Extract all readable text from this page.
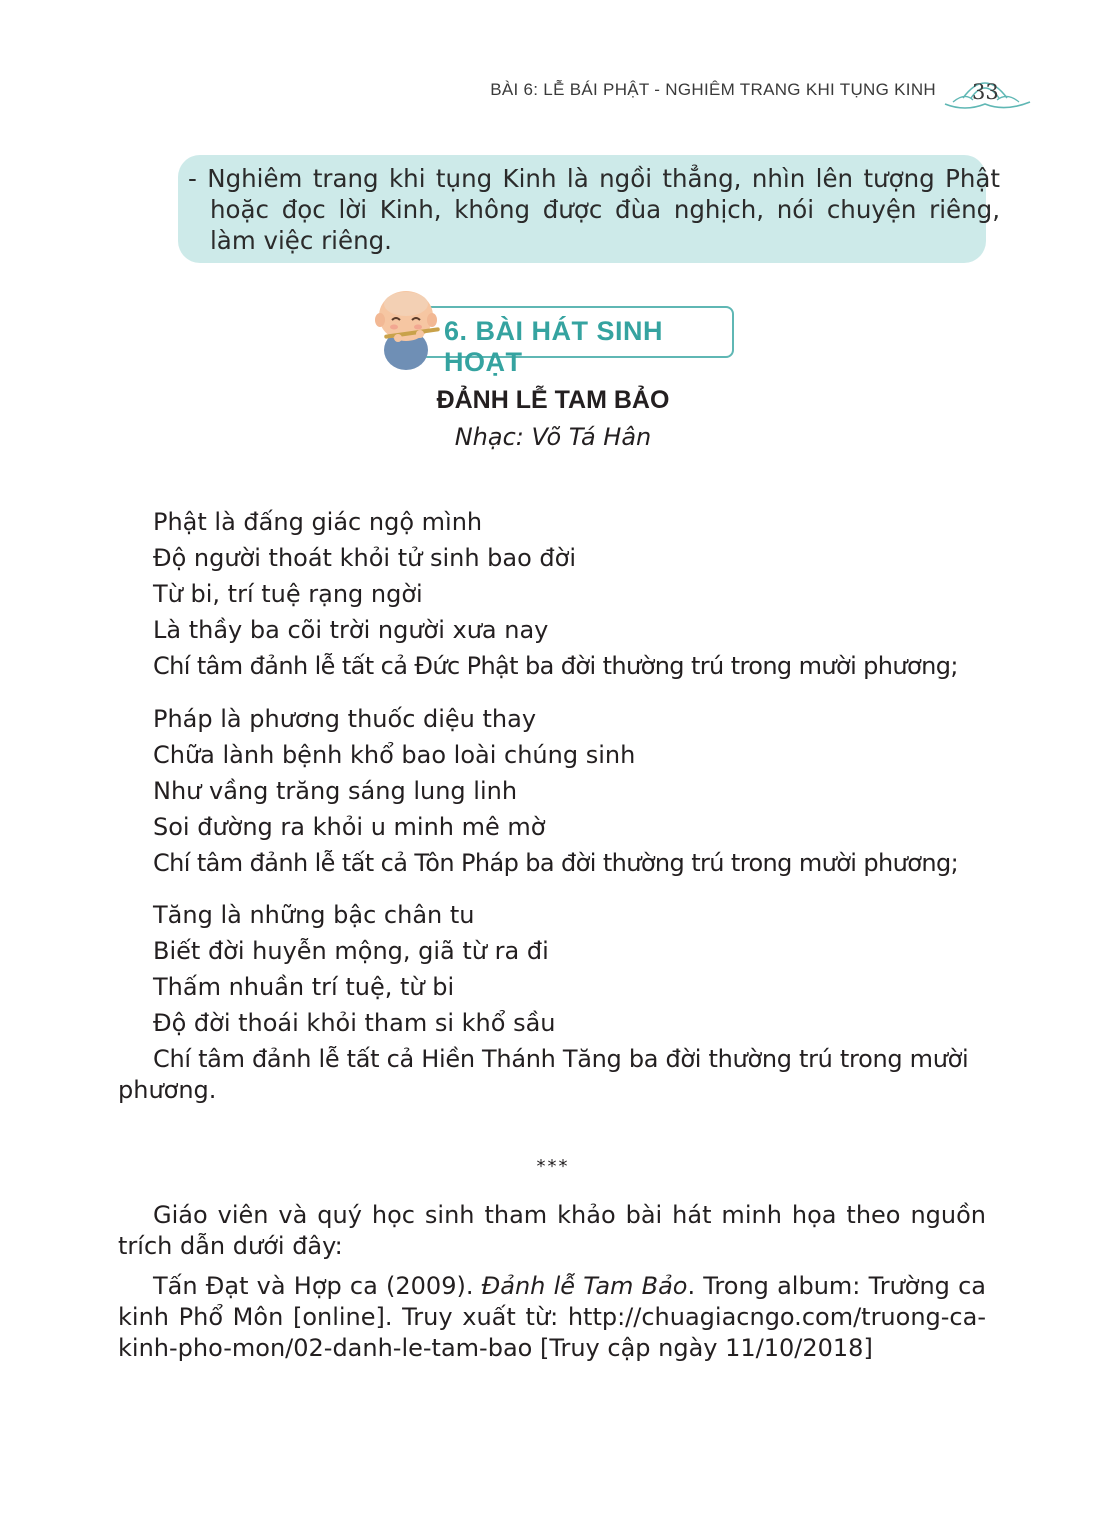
BÀI 6: LỄ BÁI PHẬT - NGHIÊM TRANG KHI TỤNG KINH 33
- Nghiêm trang khi tụng Kinh là ngồi thẳng, nhìn lên tượng Phật hoặc đọc lời Kinh, không được đùa nghịch, nói chuyện riêng, làm việc riêng.
6. BÀI HÁT SINH HOẠT
ĐẢNH LỄ TAM BẢO
Nhạc: Võ Tá Hân
Phật là đấng giác ngộ mình
Độ người thoát khỏi tử sinh bao đời
Từ bi, trí tuệ rạng ngời
Là thầy ba cõi trời người xưa nay
Chí tâm đảnh lễ tất cả Đức Phật ba đời thường trú trong mười phương;
Pháp là phương thuốc diệu thay
Chữa lành bệnh khổ bao loài chúng sinh
Như vầng trăng sáng lung linh
Soi đường ra khỏi u minh mê mờ
Chí tâm đảnh lễ tất cả Tôn Pháp ba đời thường trú trong mười phương;
Tăng là những bậc chân tu
Biết đời huyễn mộng, giã từ ra đi
Thấm nhuần trí tuệ, từ bi
Độ đời thoái khỏi tham si khổ sầu
Chí tâm đảnh lễ tất cả Hiền Thánh Tăng ba đời thường trú trong mười
phương.
***
Giáo viên và quý học sinh tham khảo bài hát minh họa theo nguồn trích dẫn dưới đây:
Tấn Đạt và Hợp ca (2009). Đảnh lễ Tam Bảo. Trong album: Trường ca kinh Phổ Môn [online]. Truy xuất từ: http://chuagiacngo.com/truong-ca-kinh-pho-mon/02-danh-le-tam-bao [Truy cập ngày 11/10/2018]
